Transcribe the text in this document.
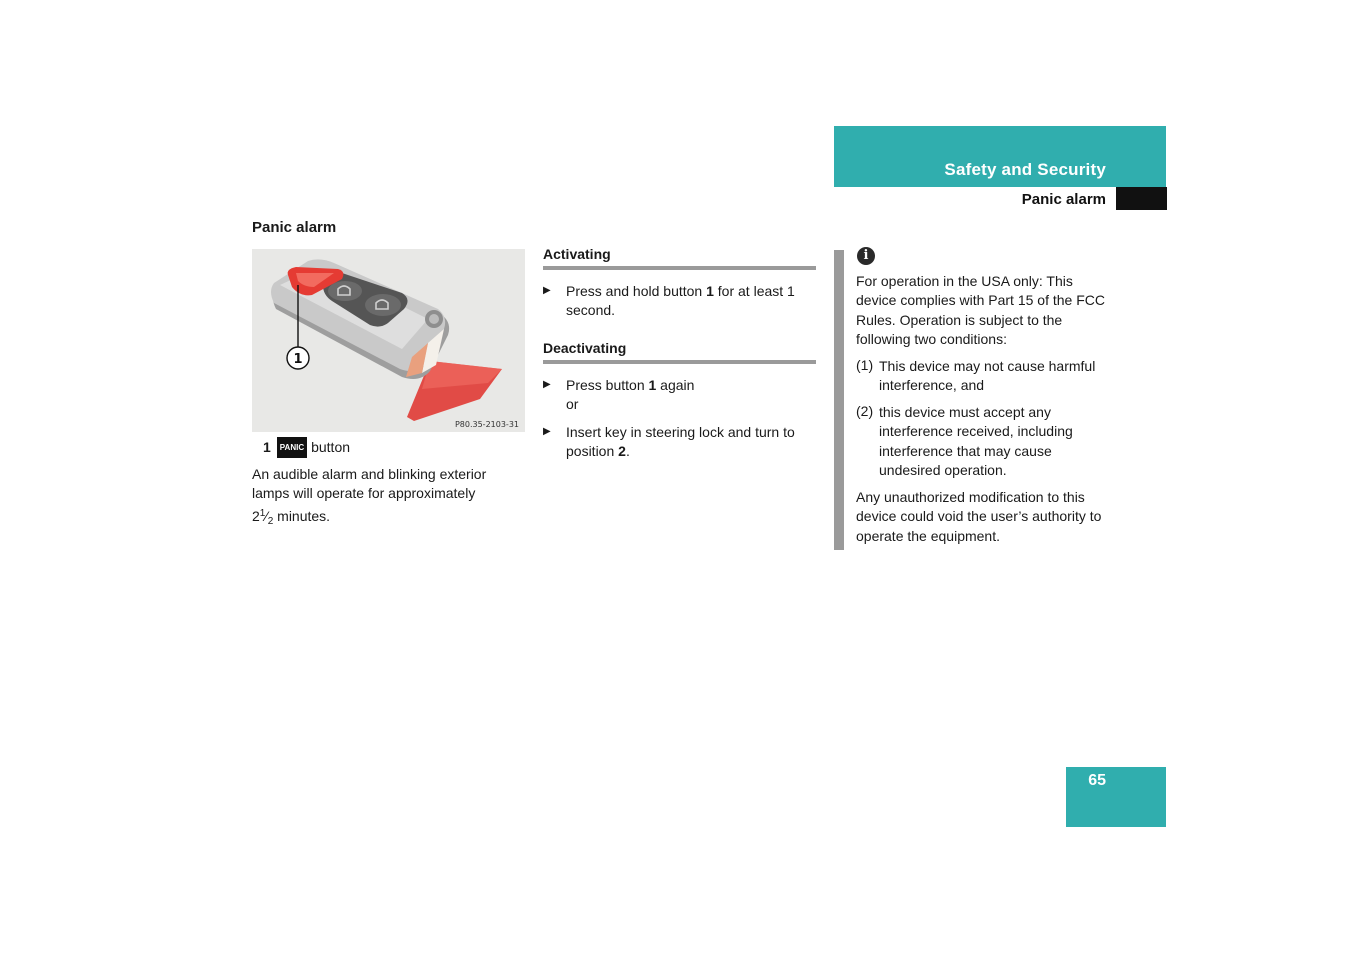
Safety and Security
Panic alarm
65
Panic alarm
1
P80.35-2103-31
1 PANIC button
An audible alarm and blinking exterior lamps will operate for approximately
$2^1⁄_2$ minutes.
Activating
▶ Press and hold button 1 for at least 1 second.
Deactivating
▶ Press button 1 again
or
▶ Insert key in steering lock and turn to position 2.
i
For operation in the USA only: This device complies with Part 15 of the FCC Rules. Operation is subject to the following two conditions:
(1) This device may not cause harmful interference, and
(2) this device must accept any interference received, including interference that may cause undesired operation.
Any unauthorized modification to this device could void the user’s authority to operate the equipment.
